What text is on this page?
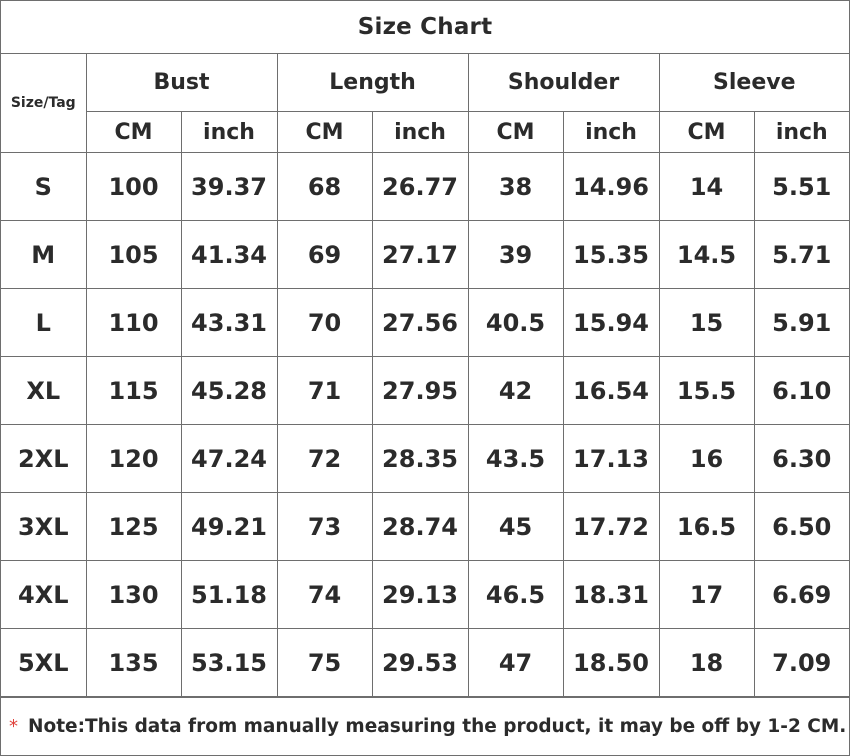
Size Chart
Size/Tag	Bust		Length		Shoulder		Sleeve	
	CM	inch	CM	inch	CM	inch	CM	inch
S	100	39.37	68	26.77	38	14.96	14	5.51
M	105	41.34	69	27.17	39	15.35	14.5	5.71
L	110	43.31	70	27.56	40.5	15.94	15	5.91
XL	115	45.28	71	27.95	42	16.54	15.5	6.10
2XL	120	47.24	72	28.35	43.5	17.13	16	6.30
3XL	125	49.21	73	28.74	45	17.72	16.5	6.50
4XL	130	51.18	74	29.13	46.5	18.31	17	6.69
5XL	135	53.15	75	29.53	47	18.50	18	7.09
* Note:This data from manually measuring the product, it may be off by 1-2 CM.
